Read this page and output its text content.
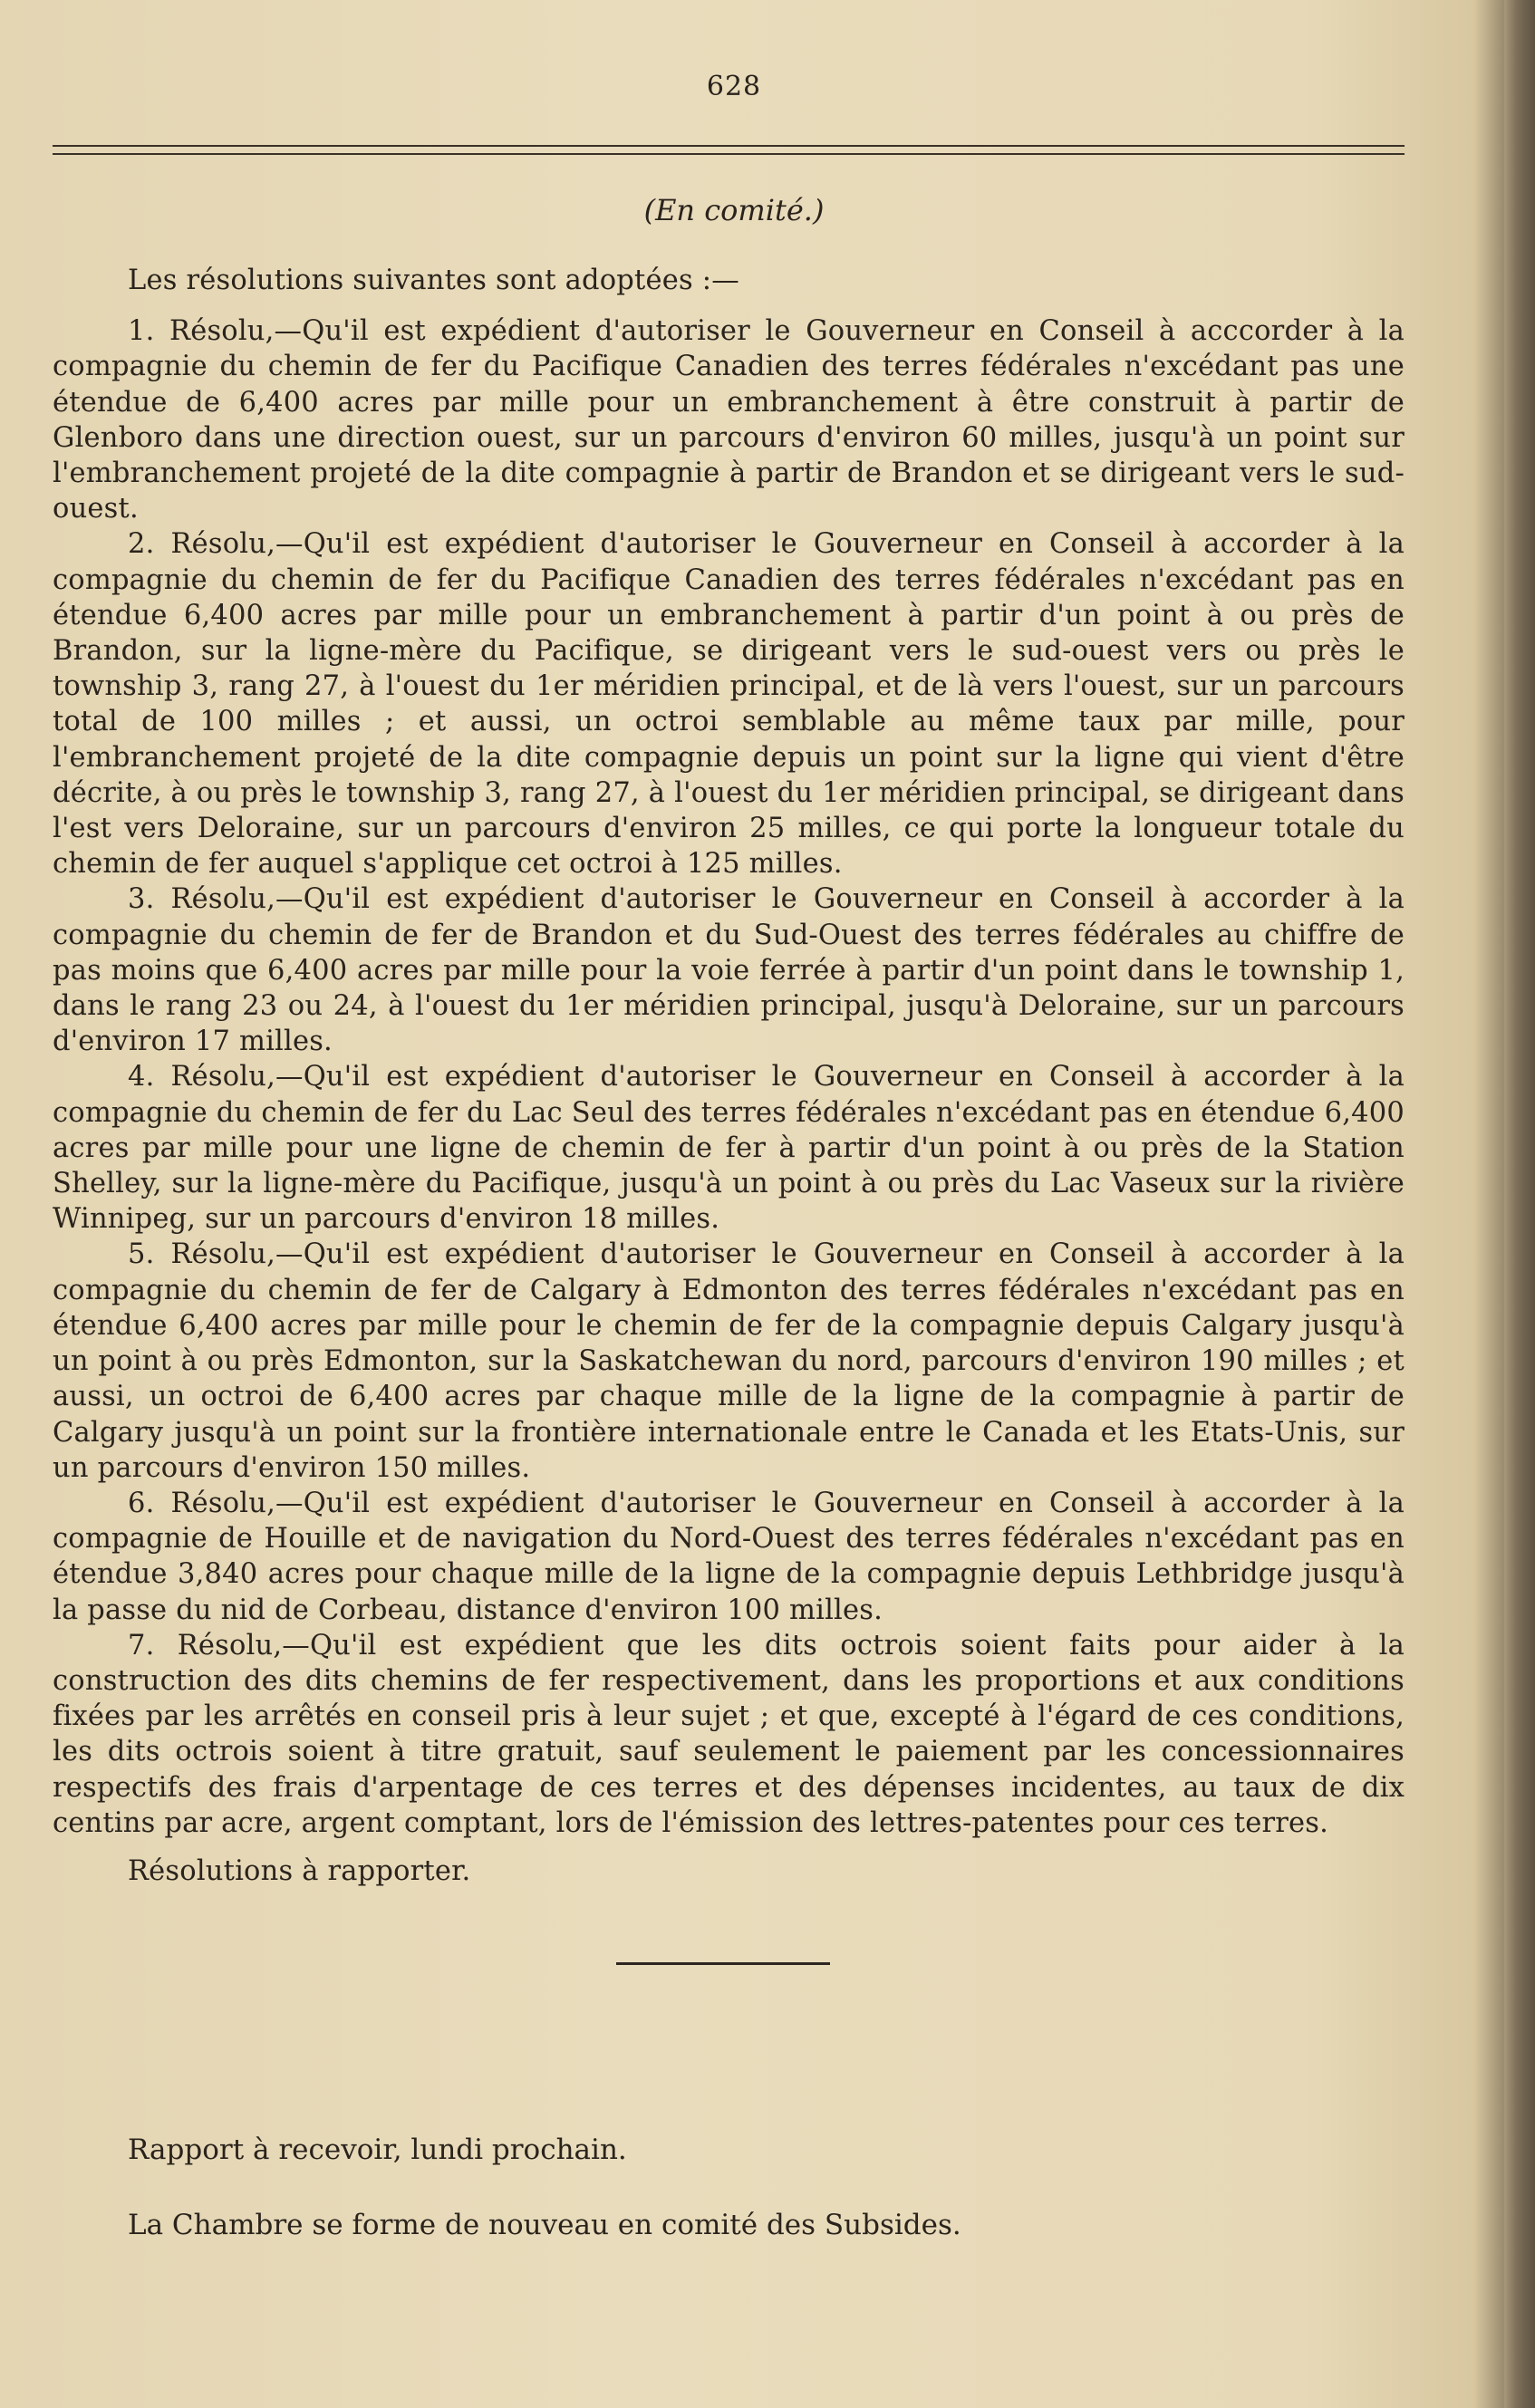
628
(En comité.)

Les résolutions suivantes sont adoptées :—

1. Résolu,—Qu'il est expédient d'autoriser le Gouverneur en Conseil à acccorder à la compagnie du chemin de fer du Pacifique Canadien des terres fédérales n'excédant pas une étendue de 6,400 acres par mille pour un embranchement à être construit à partir de Glenboro dans une direction ouest, sur un parcours d'environ 60 milles, jusqu'à un point sur l'embranchement projeté de la dite compagnie à partir de Brandon et se dirigeant vers le sud-ouest.

2. Résolu,—Qu'il est expédient d'autoriser le Gouverneur en Conseil à accorder à la compagnie du chemin de fer du Pacifique Canadien des terres fédérales n'excédant pas en étendue 6,400 acres par mille pour un embranchement à partir d'un point à ou près de Brandon, sur la ligne-mère du Pacifique, se dirigeant vers le sud-ouest vers ou près le township 3, rang 27, à l'ouest du 1er méridien principal, et de là vers l'ouest, sur un parcours total de 100 milles ; et aussi, un octroi semblable au même taux par mille, pour l'embranchement projeté de la dite compagnie depuis un point sur la ligne qui vient d'être décrite, à ou près le township 3, rang 27, à l'ouest du 1er méridien principal, se dirigeant dans l'est vers Deloraine, sur un parcours d'environ 25 milles, ce qui porte la longueur totale du chemin de fer auquel s'applique cet octroi à 125 milles.

3. Résolu,—Qu'il est expédient d'autoriser le Gouverneur en Conseil à accorder à la compagnie du chemin de fer de Brandon et du Sud-Ouest des terres fédérales au chiffre de pas moins que 6,400 acres par mille pour la voie ferrée à partir d'un point dans le township 1, dans le rang 23 ou 24, à l'ouest du 1er méridien principal, jusqu'à Deloraine, sur un parcours d'environ 17 milles.

4. Résolu,—Qu'il est expédient d'autoriser le Gouverneur en Conseil à accorder à la compagnie du chemin de fer du Lac Seul des terres fédérales n'excédant pas en étendue 6,400 acres par mille pour une ligne de chemin de fer à partir d'un point à ou près de la Station Shelley, sur la ligne-mère du Pacifique, jusqu'à un point à ou près du Lac Vaseux sur la rivière Winnipeg, sur un parcours d'environ 18 milles.

5. Résolu,—Qu'il est expédient d'autoriser le Gouverneur en Conseil à accorder à la compagnie du chemin de fer de Calgary à Edmonton des terres fédérales n'excédant pas en étendue 6,400 acres par mille pour le chemin de fer de la compagnie depuis Calgary jusqu'à un point à ou près Edmonton, sur la Saskatchewan du nord, parcours d'environ 190 milles ; et aussi, un octroi de 6,400 acres par chaque mille de la ligne de la compagnie à partir de Calgary jusqu'à un point sur la frontière internationale entre le Canada et les Etats-Unis, sur un parcours d'environ 150 milles.

6. Résolu,—Qu'il est expédient d'autoriser le Gouverneur en Conseil à accorder à la compagnie de Houille et de navigation du Nord-Ouest des terres fédérales n'excédant pas en étendue 3,840 acres pour chaque mille de la ligne de la compagnie depuis Lethbridge jusqu'à la passe du nid de Corbeau, distance d'environ 100 milles.

7. Résolu,—Qu'il est expédient que les dits octrois soient faits pour aider à la construction des dits chemins de fer respectivement, dans les proportions et aux conditions fixées par les arrêtés en conseil pris à leur sujet ; et que, excepté à l'égard de ces conditions, les dits octrois soient à titre gratuit, sauf seulement le paiement par les concessionnaires respectifs des frais d'arpentage de ces terres et des dépenses incidentes, au taux de dix centins par acre, argent comptant, lors de l'émission des lettres-patentes pour ces terres.

Résolutions à rapporter.

Rapport à recevoir, lundi prochain.
La Chambre se forme de nouveau en comité des Subsides.
